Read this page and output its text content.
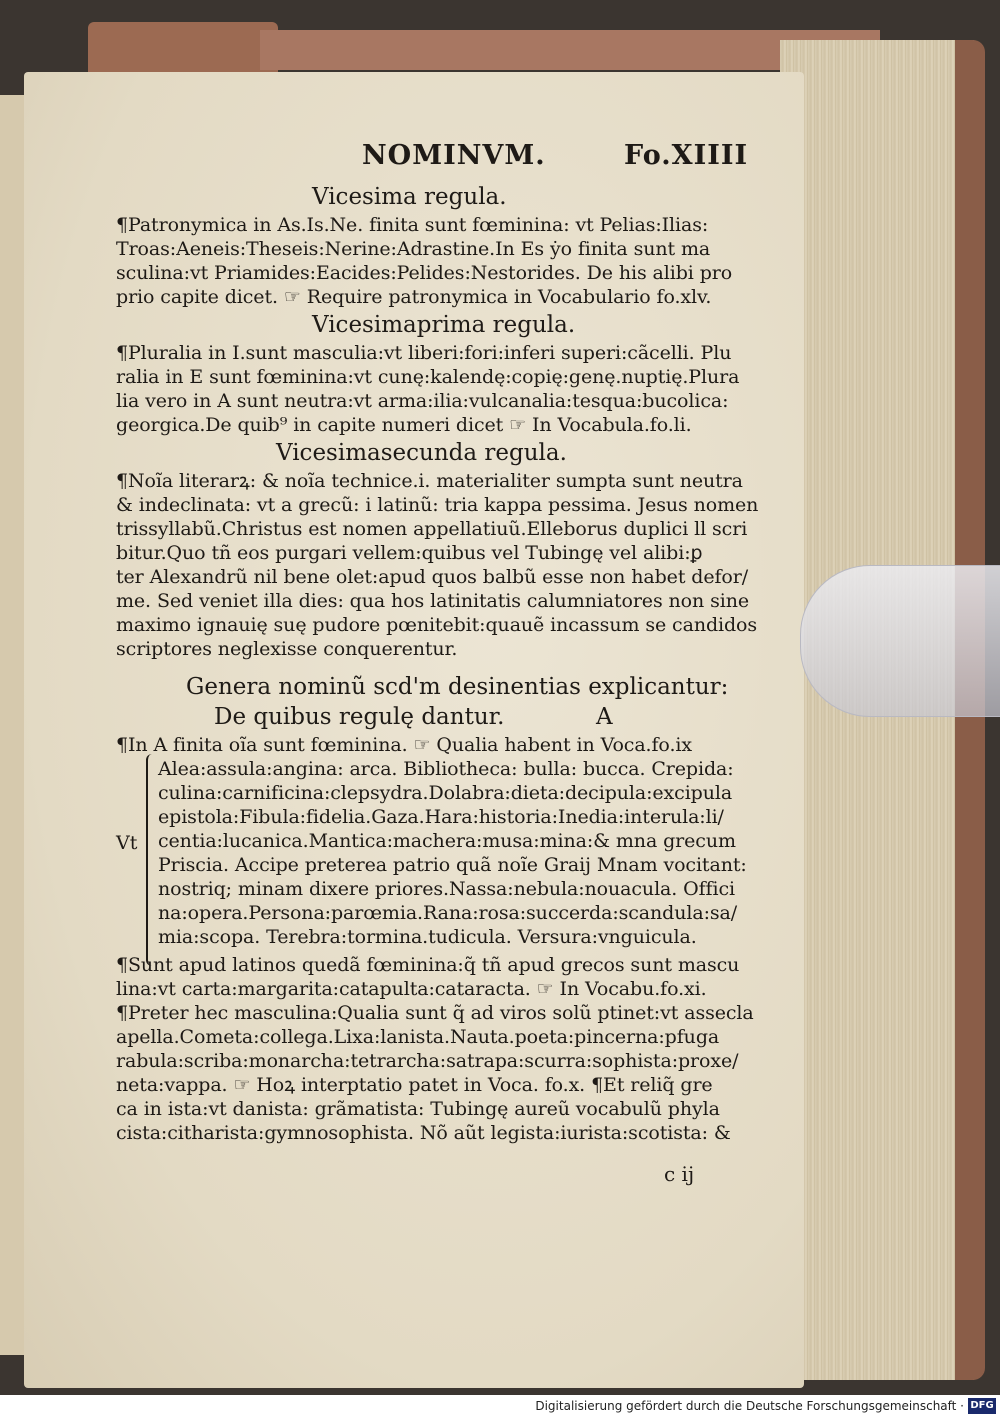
NOMINVM.	Fo.XIIII
Vicesima regula.
¶Patronymica in As.Is.Ne. finita sunt fœminina: vt Pelias:Ilias:
Troas:Aeneis:Theseis:Nerine:Adrastine.In Es ẏo finita sunt ma
sculina:vt Priamides:Eacides:Pelides:Nestorides. De his alibi pro
prio capite dicet. ☞ Require patronymica in Vocabulario fo.xlv.
Vicesimaprima regula.
¶Pluralia in I.sunt masculia:vt liberi:fori:inferi superi:cãcelli. Plu
ralia in E sunt fœminina:vt cunę:kalendę:copię:genę.nuptię.Plura
lia vero in A sunt neutra:vt arma:ilia:vulcanalia:tesqua:bucolica:
georgica.De quib⁹ in capite numeri dicet ☞ In Vocabula.fo.li.
Vicesimasecunda regula.
¶Noĩa literarꝝ: & noĩa technice.i. materialiter sumpta sunt neutra
& indeclinata: vt a grecũ: i latinũ: tria kappa pessima. Jesus nomen
trissyllabũ.Christus est nomen appellatiuũ.Elleborus duplici ll scri
bitur.Quo tñ eos purgari vellem:quibus vel Tubingę vel alibi:ꝑ
ter Alexandrũ nil bene olet:apud quos balbũ esse non habet defor/
me. Sed veniet illa dies: qua hos latinitatis calumniatores non sine
maximo ignauię suę pudore pœnitebit:quauẽ incassum se candidos
scriptores neglexisse conquerentur.
Genera nominũ scd'm desinentias explicantur:
De quibus regulę dantur.	A
¶In A finita oĩa sunt fœminina. ☞ Qualia habent in Voca.fo.ix
Vt
Alea:assula:angina: arca. Bibliotheca: bulla: bucca. Crepida:
culina:carnificina:clepsydra.Dolabra:dieta:decipula:excipula
epistola:Fibula:fidelia.Gaza.Hara:historia:Inedia:interula:li/
centia:lucanica.Mantica:machera:musa:mina:& mna grecum
Priscia. Accipe preterea patrio quã noĩe Graij Mnam vocitant:
nostriq; minam dixere priores.Nassa:nebula:nouacula. Offici
na:opera.Persona:parœmia.Rana:rosa:succerda:scandula:sa/
mia:scopa. Terebra:tormina.tudicula. Versura:vnguicula.
¶Sunt apud latinos quedã fœminina:q̃ tñ apud grecos sunt mascu
lina:vt carta:margarita:catapulta:cataracta. ☞ In Vocabu.fo.xi.
¶Preter hec masculina:Qualia sunt q̃ ad viros solũ ptinet:vt assecla
apella.Cometa:collega.Lixa:lanista.Nauta.poeta:pincerna:pfuga
rabula:scriba:monarcha:tetrarcha:satrapa:scurra:sophista:proxe/
neta:vappa. ☞ Hoꝝ interptatio patet in Voca. fo.x. ¶Et reliq̃ gre
ca in ista:vt danista: grãmatista: Tubingę aureũ vocabulũ phyla
cista:citharista:gymnosophista. Nõ aũt legista:iurista:scotista: &
c ij
Digitalisierung gefördert durch die Deutsche Forschungsgemeinschaft · DFG
